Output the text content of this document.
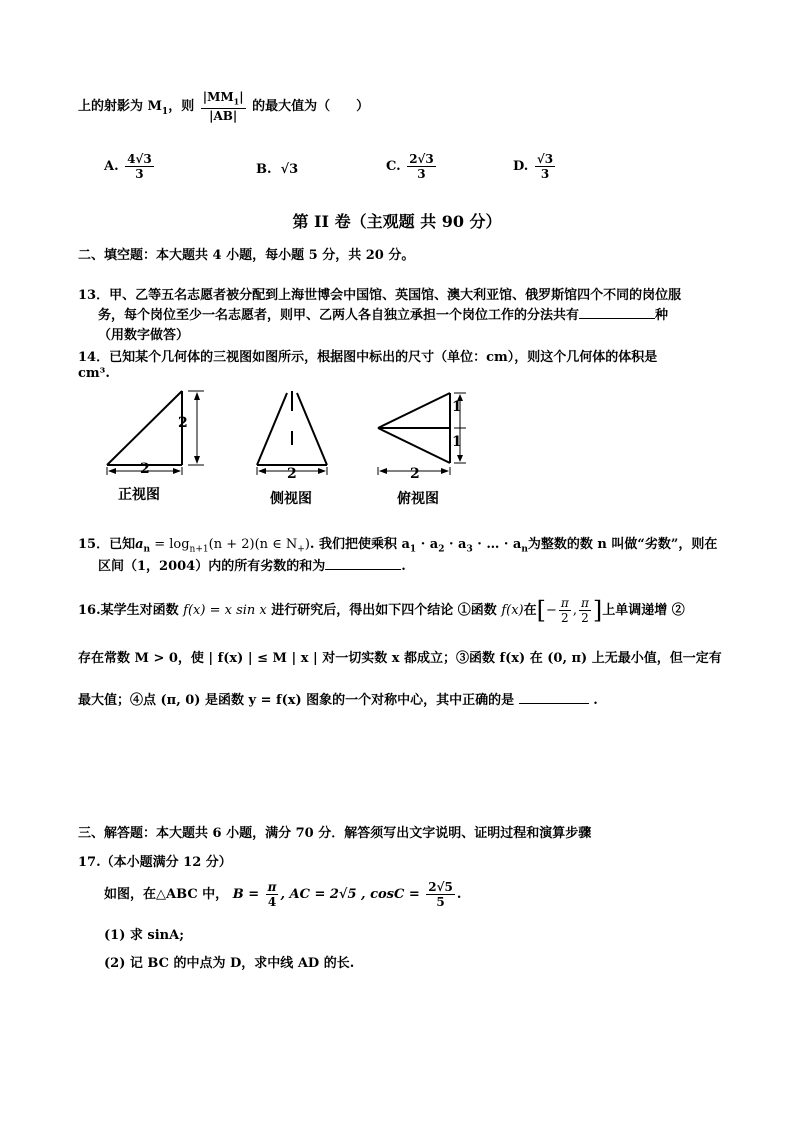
上的射影为 $M_1$，则 $\frac{|MM_1|}{|AB|}$ 的最大值为（　　）
A. $\frac{4√3}{3}$	B. √3	C. $\frac{2√3}{3}$	D. $\frac{√3}{3}$
第 II 卷（主观题 共 90 分）
二、填空题：本大题共 4 小题，每小题 5 分，共 20 分。
13．甲、乙等五名志愿者被分配到上海世博会中国馆、英国馆、澳大利亚馆、俄罗斯馆四个不同的岗位服
务，每个岗位至少一名志愿者，则甲、乙两人各自独立承担一个岗位工作的分法共有	种
（用数字做答）
14．已知某个几何体的三视图如图所示，根据图中标出的尺寸（单位：cm），则这个几何体的体积是
cm³.
2
2
正视图
2
侧视图
1
1
2
俯视图
15．已知$a_n = \log_{n+1}(n + 2)(n$ ∈ $N_+$). 我们把使乘积 $a_1 \cdot a_2 \cdot a_3$ · … · $a_n$为整数的数 n 叫做“劣数”，则在
区间（1，2004）内的所有劣数的和为	.
16.某学生对函数 f(x) = x sin x 进行研究后，得出如下四个结论 ①函数 f(x)在[− $\frac{\pi}{2}$ , $\frac{\pi}{2}$ ]上单调递增 ②
存在常数 M > 0，使 | f(x) | ≤ M | x | 对一切实数 x 都成立；③函数 f(x) 在 (0, π) 上无最小值，但一定有
最大值；④点 (π, 0) 是函数 y = f(x) 图象的一个对称中心，其中正确的是	.
三、解答题：本大题共 6 小题，满分 70 分．解答须写出文字说明、证明过程和演算步骤
17.（本小题满分 12 分）
如图，在△ABC 中， $B = \frac{\pi}{4}$ , AC = 2√5 , $\cos C = \frac{2√5}{5}$ .
(1) 求 sinA;
(2) 记 BC 的中点为 D，求中线 AD 的长.
